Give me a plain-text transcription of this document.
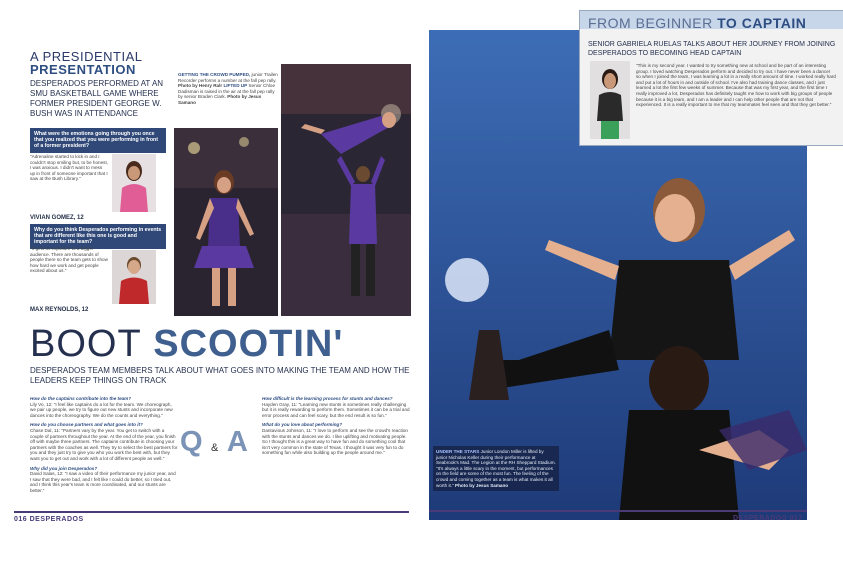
A PRESIDENTIAL
PRESENTATION
DESPERADOS PERFORMED AT AN SMU BASKETBALL GAME WHERE FORMER PRESIDENT GEORGE W. BUSH WAS IN ATTENDANCE
What were the emotions going through you once that you realized that you were performing in front of a former president?
"Adrenaline started to kick in and I couldn't stop smiling but, to be honest, I was anxious. I didn't want to mess up in front of someone important that I saw at the Bush Library."
VIVIAN GOMEZ, 12
Why do you think Desperados performing in events that are different like this one is good and important for the team?
"It gets us exposure to a bigger audience. There are thousands of people there so the team gets to show how hard we work and get people excited about us."
MAX REYNOLDS, 12
GETTING THE CROWD PUMPED, junior Trailen Recorder performs a number at the fall pep rally. Photo by Henry Ralr LIFTED UP Senior Chloe Dadisman is raised in the air at the fall pep rally by senior Braden Clark. Photo by Jesus Samano
BOOT SCOOTIN'
DESPERADOS TEAM MEMBERS TALK ABOUT WHAT GOES INTO MAKING THE TEAM AND HOW THE LEADERS KEEP THINGS ON TRACK
How do the captains contribute into the team?
Lily Vo, 12: "I feel like captains do a lot for the team. We choreograph, we pair up people, we try to figure out new stunts and incorporate new dances into the choreography. We do the counts and everything."
How do you choose partners and what goes into it?
Chase Dal, 11: "Partners vary by the year. You get to switch with a couple of partners throughout the year. At the end of the year, you finish off with maybe three partners. The captains contribute in choosing your partners with the coaches as well. They try to select the best partners for you and they just try to give you who you work the best with, but they want you to get out and work with a lot of different people as well."
Why did you join Desperados?
David Salas, 12: "I saw a video of their performance my junior year, and I saw that they were bad, and I felt like I could do better, so I tried out, and I think this year's team is more coordinated, and our stunts are better."
Q & A
How difficult is the learning process for stunts and dances?
Hayden Gray, 11: "Learning new stunts is sometimes really challenging but it is really rewarding to perform them. Sometimes it can be a trial and error process and can feel scary, but the end result is so fun."
What do you love about performing?
Dantavious Johnson, 11: "I love to perform and see the crowd's reaction with the stunts and dances we do. I like uplifting and motivating people. So I thought this is a great way to have fun and do something cool that isn't very common in the state of Texas. I thought it was very fun to do something fun while also building up the people around me."
016 DESPERADOS
FROM BEGINNER TO CAPTAIN
SENIOR GABRIELA RUELAS TALKS ABOUT HER JOURNEY FROM JOINING DESPERADOS TO BECOMING HEAD CAPTAIN
"This is my second year. I wanted to try something new at school and be part of an interesting group. I loved watching Desperados perform and decided to try out. I have never been a dancer so when I joined the team, I was learning a lot in a really short amount of time. I worked really hard and put a lot of hours in and outside of school. I've also had training dance classes, and I just learned a lot the first few weeks of summer. Because that was my first year, and the first time I really improved a lot, Desperados has definitely taught me how to work with big groups of people because it is a big team, and I am a leader and I can help other people that are not that experienced. It is a really important to me that my teammates feel seen and that they get better."
UNDER THE STARS Junior London Miller is lifted by junior Nicholas Keller during their performance at Seabrook's Mad. The Legion at the RH Sheppard Stadium. "It's always a little scary in the moment, but performances on the field are some of the most fun. The feeling of the crowd and coming together as a team is what makes it all worth it." Photo by Jesus Samano
DESPERADOS 017
